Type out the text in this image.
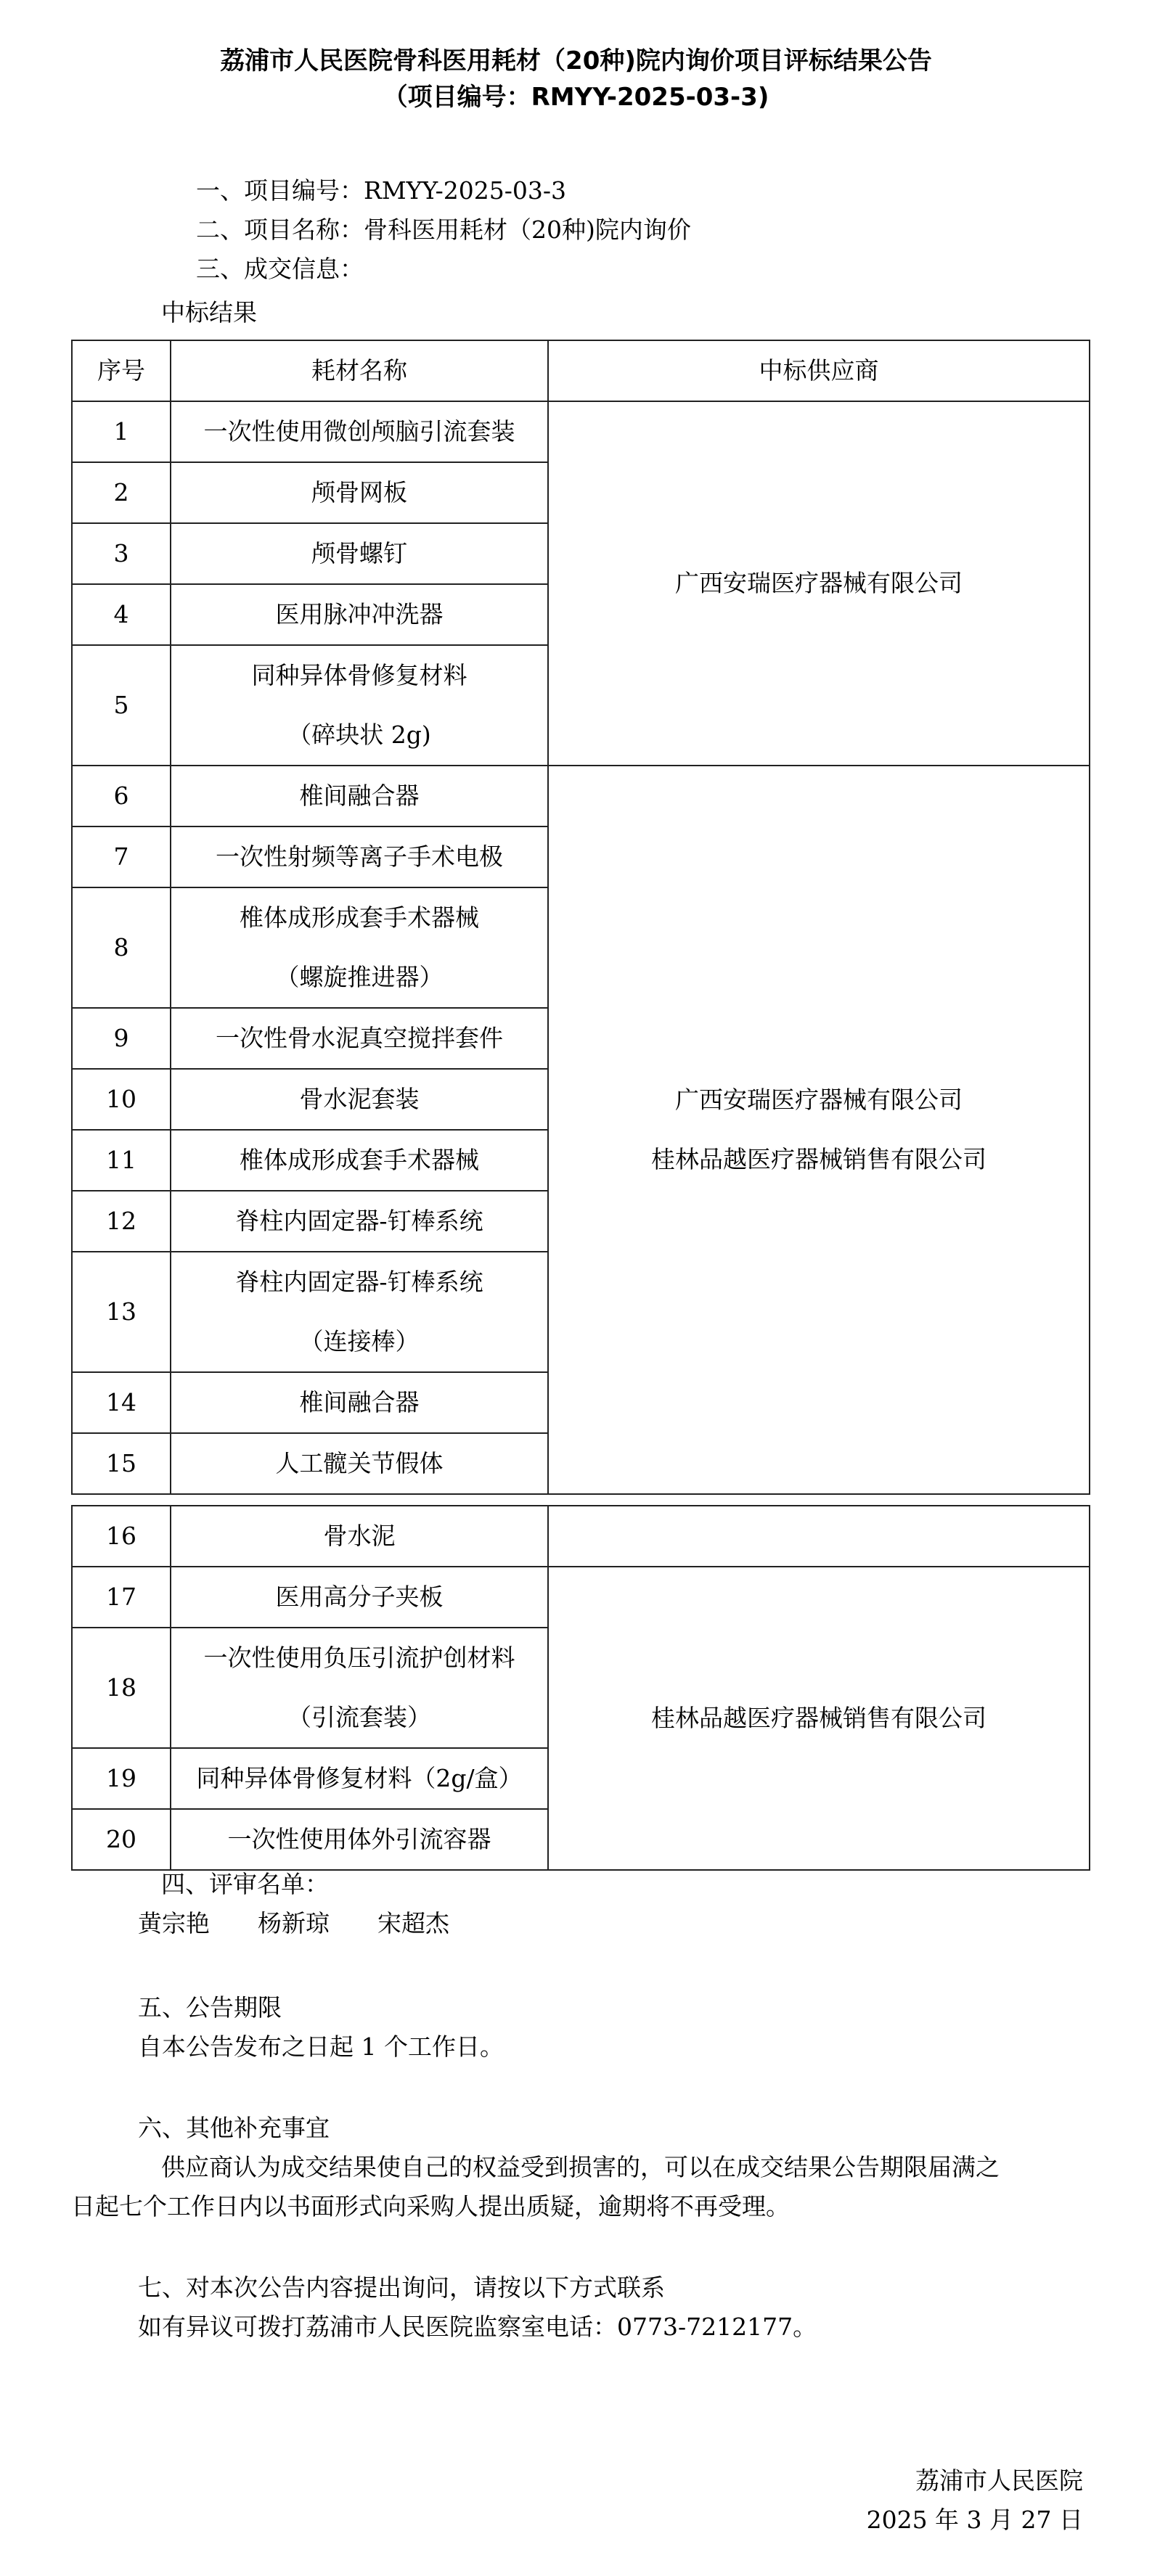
荔浦市人民医院骨科医用耗材（20种)院内询价项目评标结果公告
（项目编号：RMYY-2025-03-3)
一、项目编号：RMYY-2025-03-3
二、项目名称：骨科医用耗材（20种)院内询价
三、成交信息：
中标结果
序号	耗材名称	中标供应商
1	一次性使用微创颅脑引流套装	广西安瑞医疗器械有限公司

2	颅骨网板	

3	颅骨螺钉	

4	医用脉冲冲洗器	

5	同种异体骨修复材料
（碎块状 2g)	

6	椎间融合器	广西安瑞医疗器械有限公司
桂林品越医疗器械销售有限公司

7	一次性射频等离子手术电极	

8	椎体成形成套手术器械
（螺旋推进器）	

9	一次性骨水泥真空搅拌套件	

10	骨水泥套装	

11	椎体成形成套手术器械	

12	脊柱内固定器-钉棒系统	

13	脊柱内固定器-钉棒系统
（连接棒）	

14	椎间融合器	

15	人工髋关节假体	
16	骨水泥	

17	医用高分子夹板	桂林品越医疗器械销售有限公司

18	一次性使用负压引流护创材料
（引流套装）	

19	同种异体骨修复材料（2g/盒）	

20	一次性使用体外引流容器	
四、评审名单：
黄宗艳　　杨新琼　　宋超杰
五、公告期限
自本公告发布之日起 1 个工作日。
六、其他补充事宜
供应商认为成交结果使自己的权益受到损害的，可以在成交结果公告期限届满之
日起七个工作日内以书面形式向采购人提出质疑，逾期将不再受理。
七、对本次公告内容提出询问，请按以下方式联系
如有异议可拨打荔浦市人民医院监察室电话：0773-7212177。
荔浦市人民医院
2025 年 3 月 27 日
